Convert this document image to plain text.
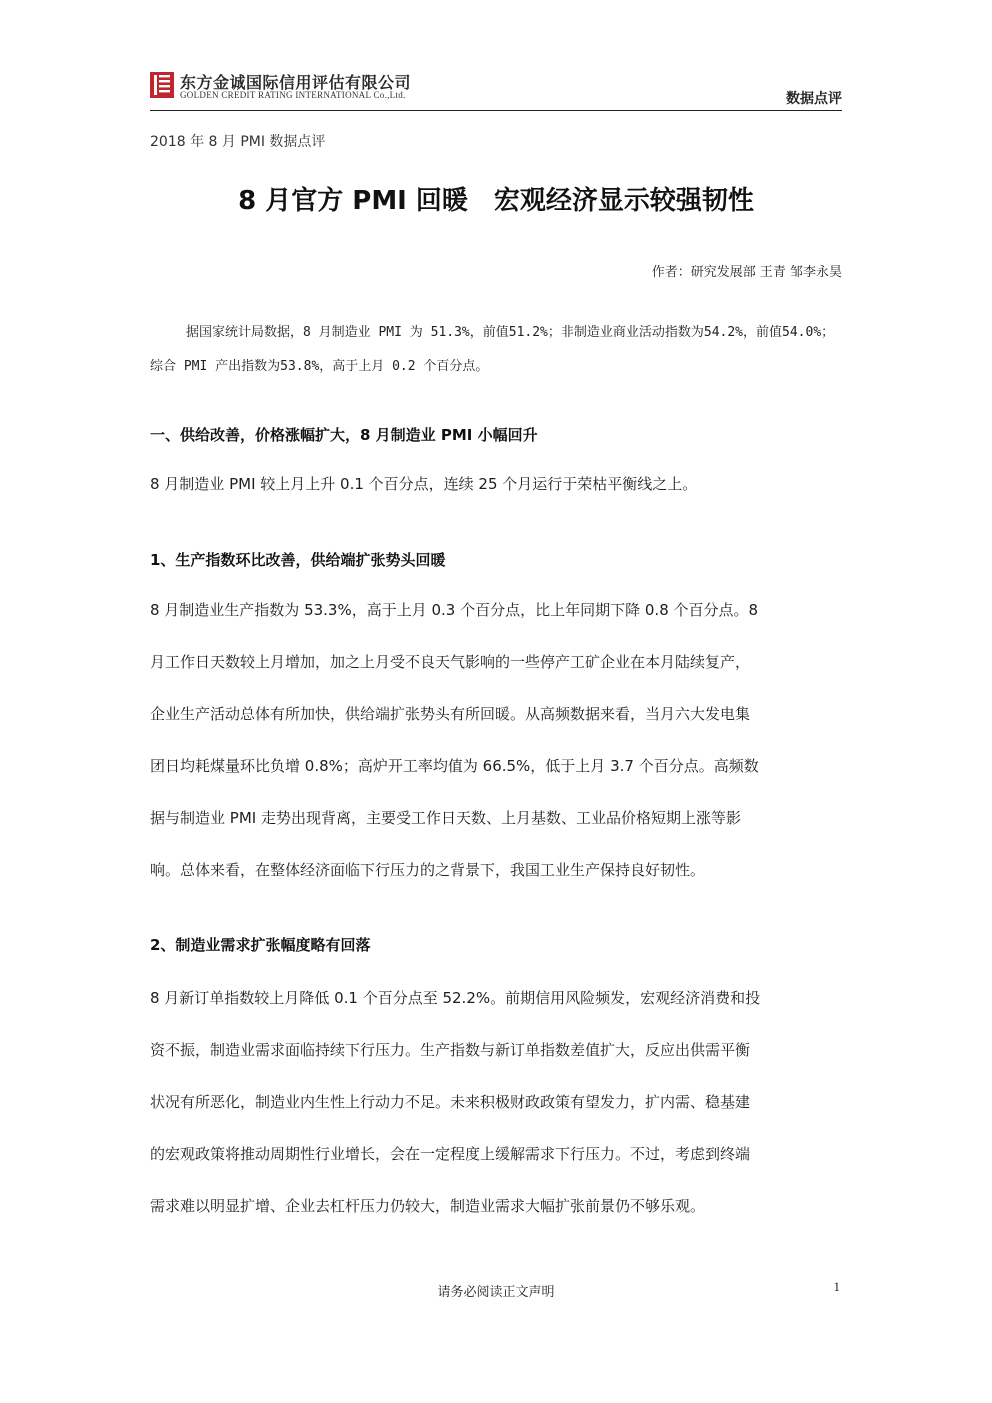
东方金诚国际信用评估有限公司
GOLDEN CREDIT RATING INTERNATIONAL Co.,Ltd.	数据点评
2018 年 8 月 PMI 数据点评
8 月官方 PMI 回暖　宏观经济显示较强韧性
作者：研究发展部 王青 邹李永昊
据国家统计局数据，8 月制造业 PMI 为 51.3%，前值51.2%；非制造业商业活动指数为54.2%，前值54.0%；综合 PMI 产出指数为53.8%，高于上月 0.2 个百分点。
一、供给改善，价格涨幅扩大，8 月制造业 PMI 小幅回升
8 月制造业 PMI 较上月上升 0.1 个百分点，连续 25 个月运行于荣枯平衡线之上。
1、生产指数环比改善，供给端扩张势头回暖
8 月制造业生产指数为 53.3%，高于上月 0.3 个百分点，比上年同期下降 0.8 个百分点。8
月工作日天数较上月增加，加之上月受不良天气影响的一些停产工矿企业在本月陆续复产，
企业生产活动总体有所加快，供给端扩张势头有所回暖。从高频数据来看，当月六大发电集
团日均耗煤量环比负增 0.8%；高炉开工率均值为 66.5%，低于上月 3.7 个百分点。高频数
据与制造业 PMI 走势出现背离，主要受工作日天数、上月基数、工业品价格短期上涨等影
响。总体来看，在整体经济面临下行压力的之背景下，我国工业生产保持良好韧性。
2、制造业需求扩张幅度略有回落
8 月新订单指数较上月降低 0.1 个百分点至 52.2%。前期信用风险频发，宏观经济消费和投
资不振，制造业需求面临持续下行压力。生产指数与新订单指数差值扩大，反应出供需平衡
状况有所恶化，制造业内生性上行动力不足。未来积极财政政策有望发力，扩内需、稳基建
的宏观政策将推动周期性行业增长，会在一定程度上缓解需求下行压力。不过，考虑到终端
需求难以明显扩增、企业去杠杆压力仍较大，制造业需求大幅扩张前景仍不够乐观。
请务必阅读正文声明	1
